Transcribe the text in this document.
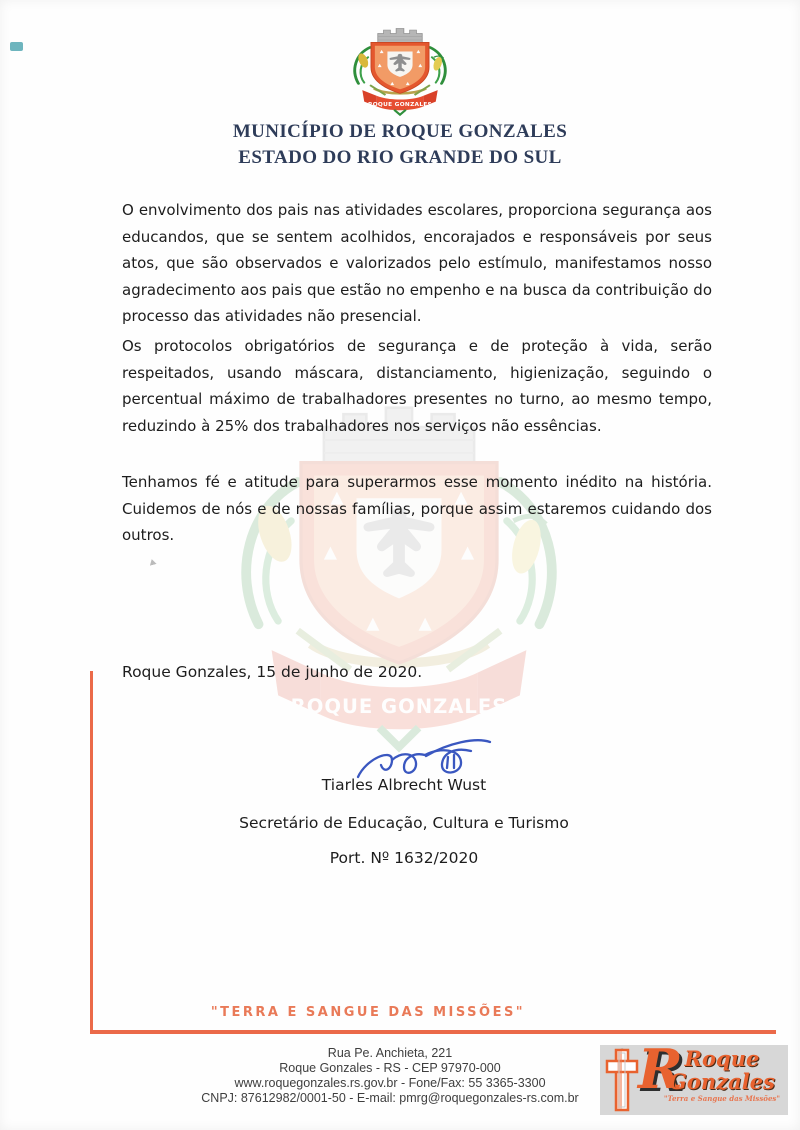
MUNICÍPIO DE ROQUE GONZALES
ESTADO DO RIO GRANDE DO SUL
O envolvimento dos pais nas atividades escolares, proporciona segurança aos educandos, que se sentem acolhidos, encorajados e responsáveis por seus atos, que são observados e valorizados pelo estímulo, manifestamos nosso agradecimento aos pais que estão no empenho e na busca da contribuição do processo das atividades não presencial.
Os protocolos obrigatórios de segurança e de proteção à vida, serão respeitados, usando máscara, distanciamento, higienização, seguindo o percentual máximo de trabalhadores presentes no turno, ao mesmo tempo, reduzindo à 25% dos trabalhadores nos serviços não essências.
Tenhamos fé e atitude para superarmos esse momento inédito na história. Cuidemos de nós e de nossas famílias, porque assim estaremos cuidando dos outros.
Roque Gonzales, 15 de junho de 2020.
Tiarles Albrecht Wust
Secretário de Educação, Cultura e Turismo
Port. Nº 1632/2020
"TERRA E SANGUE DAS MISSÕES"
Rua Pe. Anchieta, 221
Roque Gonzales - RS - CEP 97970-000
www.roquegonzales.rs.gov.br - Fone/Fax: 55 3365-3300
CNPJ: 87612982/0001-50 - E-mail: pmrg@roquegonzales-rs.com.br	R Roque
Gonzales
"Terra e Sangue das Missões"
